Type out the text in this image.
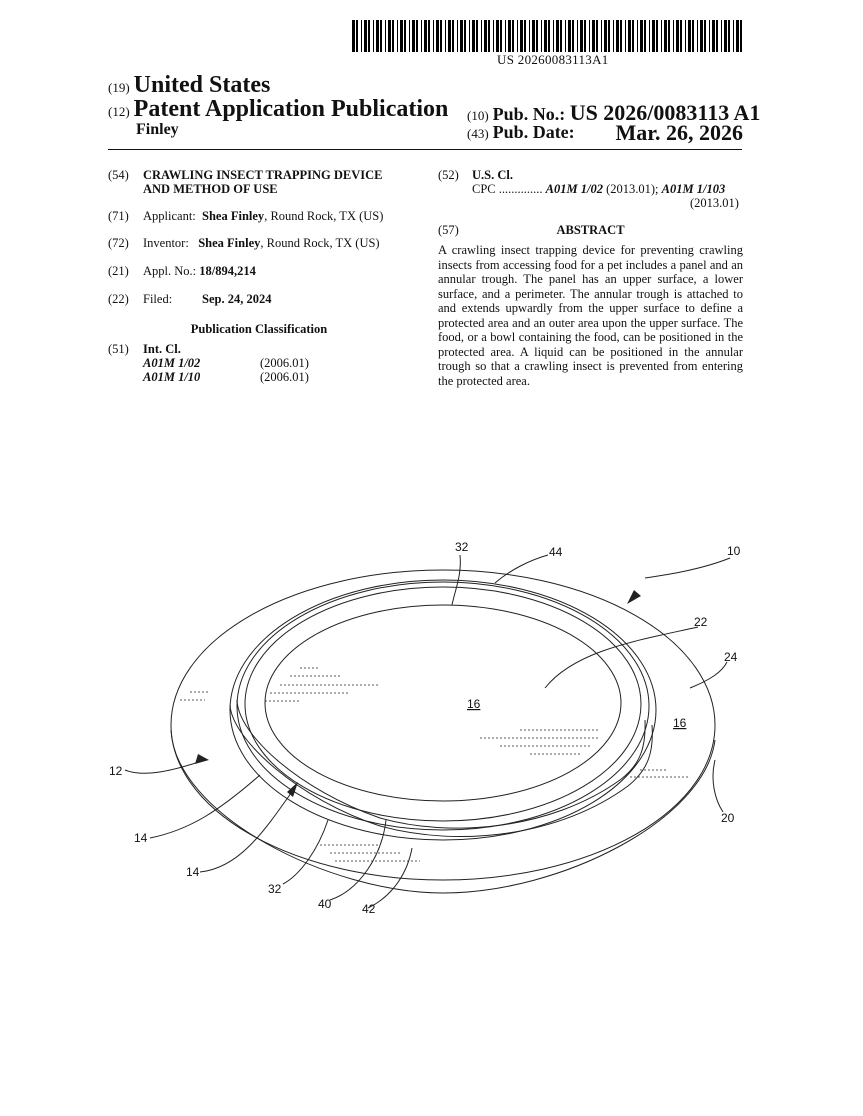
US 20260083113A1
(19) United States
(12) Patent Application Publication
Finley
(10) Pub. No.: US 2026/0083113 A1
(43) Pub. Date: Mar. 26, 2026
(54) CRAWLING INSECT TRAPPING DEVICE
AND METHOD OF USE
(71) Applicant: Shea Finley, Round Rock, TX (US)
(72) Inventor: Shea Finley, Round Rock, TX (US)
(21) Appl. No.: 18/894,214
(22) Filed: Sep. 24, 2024
Publication Classification
(51) Int. Cl.
A01M 1/02	(2006.01)
A01M 1/10	(2006.01)
(52) U.S. Cl.
CPC .............. A01M 1/02 (2013.01); A01M 1/103
(2013.01)
(57)	ABSTRACT
A crawling insect trapping device for preventing crawling insects from accessing food for a pet includes a panel and an annular trough. The panel has an upper surface, a lower surface, and a perimeter. The annular trough is attached to and extends upwardly from the upper surface to define a protected area and an outer area upon the upper surface. The food, or a bowl containing the food, can be positioned in the protected area. A liquid can be positioned in the annular trough so that a crawling insect is prevented from entering the protected area.
32	44	10
22
24
16
16
12
14
14
32
40	42
20
